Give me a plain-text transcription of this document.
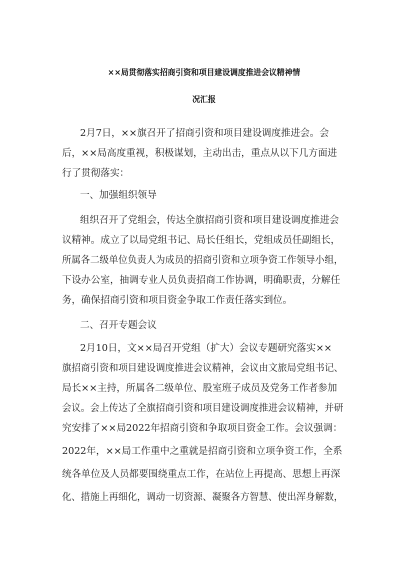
××局贯彻落实招商引资和项目建设调度推进会议精神情
况汇报
2月7日，××旗召开了招商引资和项目建设调度推进会。会
后，××局高度重视，积极谋划，主动出击，重点从以下几方面进
行了贯彻落实：
一、加强组织领导
组织召开了党组会，传达全旗招商引资和项目建设调度推进会
议精神。成立了以局党组书记、局长任组长，党组成员任副组长，
所属各二级单位负责人为成员的招商引资和立项争资工作领导小组，
下设办公室，抽调专业人员负责招商工作协调，明确职责，分解任
务，确保招商引资和项目资金争取工作责任落实到位。
二、召开专题会议
2月10日，文××局召开党组（扩大）会议专题研究落实××
旗招商引资和项目建设调度推进会议精神，会议由文旅局党组书记、
局长××主持，所属各二级单位、股室班子成员及党务工作者参加
会议。会上传达了全旗招商引资和项目建设调度推进会议精神，并研
究安排了××局2022年招商引资和争取项目资金工作。会议强调：
2022年，××局工作重中之重就是招商引资和立项争资工作，全系
统各单位及人员都要围绕重点工作，在站位上再提高、思想上再深
化、措施上再细化，调动一切资源、凝聚各方智慧、使出浑身解数，
